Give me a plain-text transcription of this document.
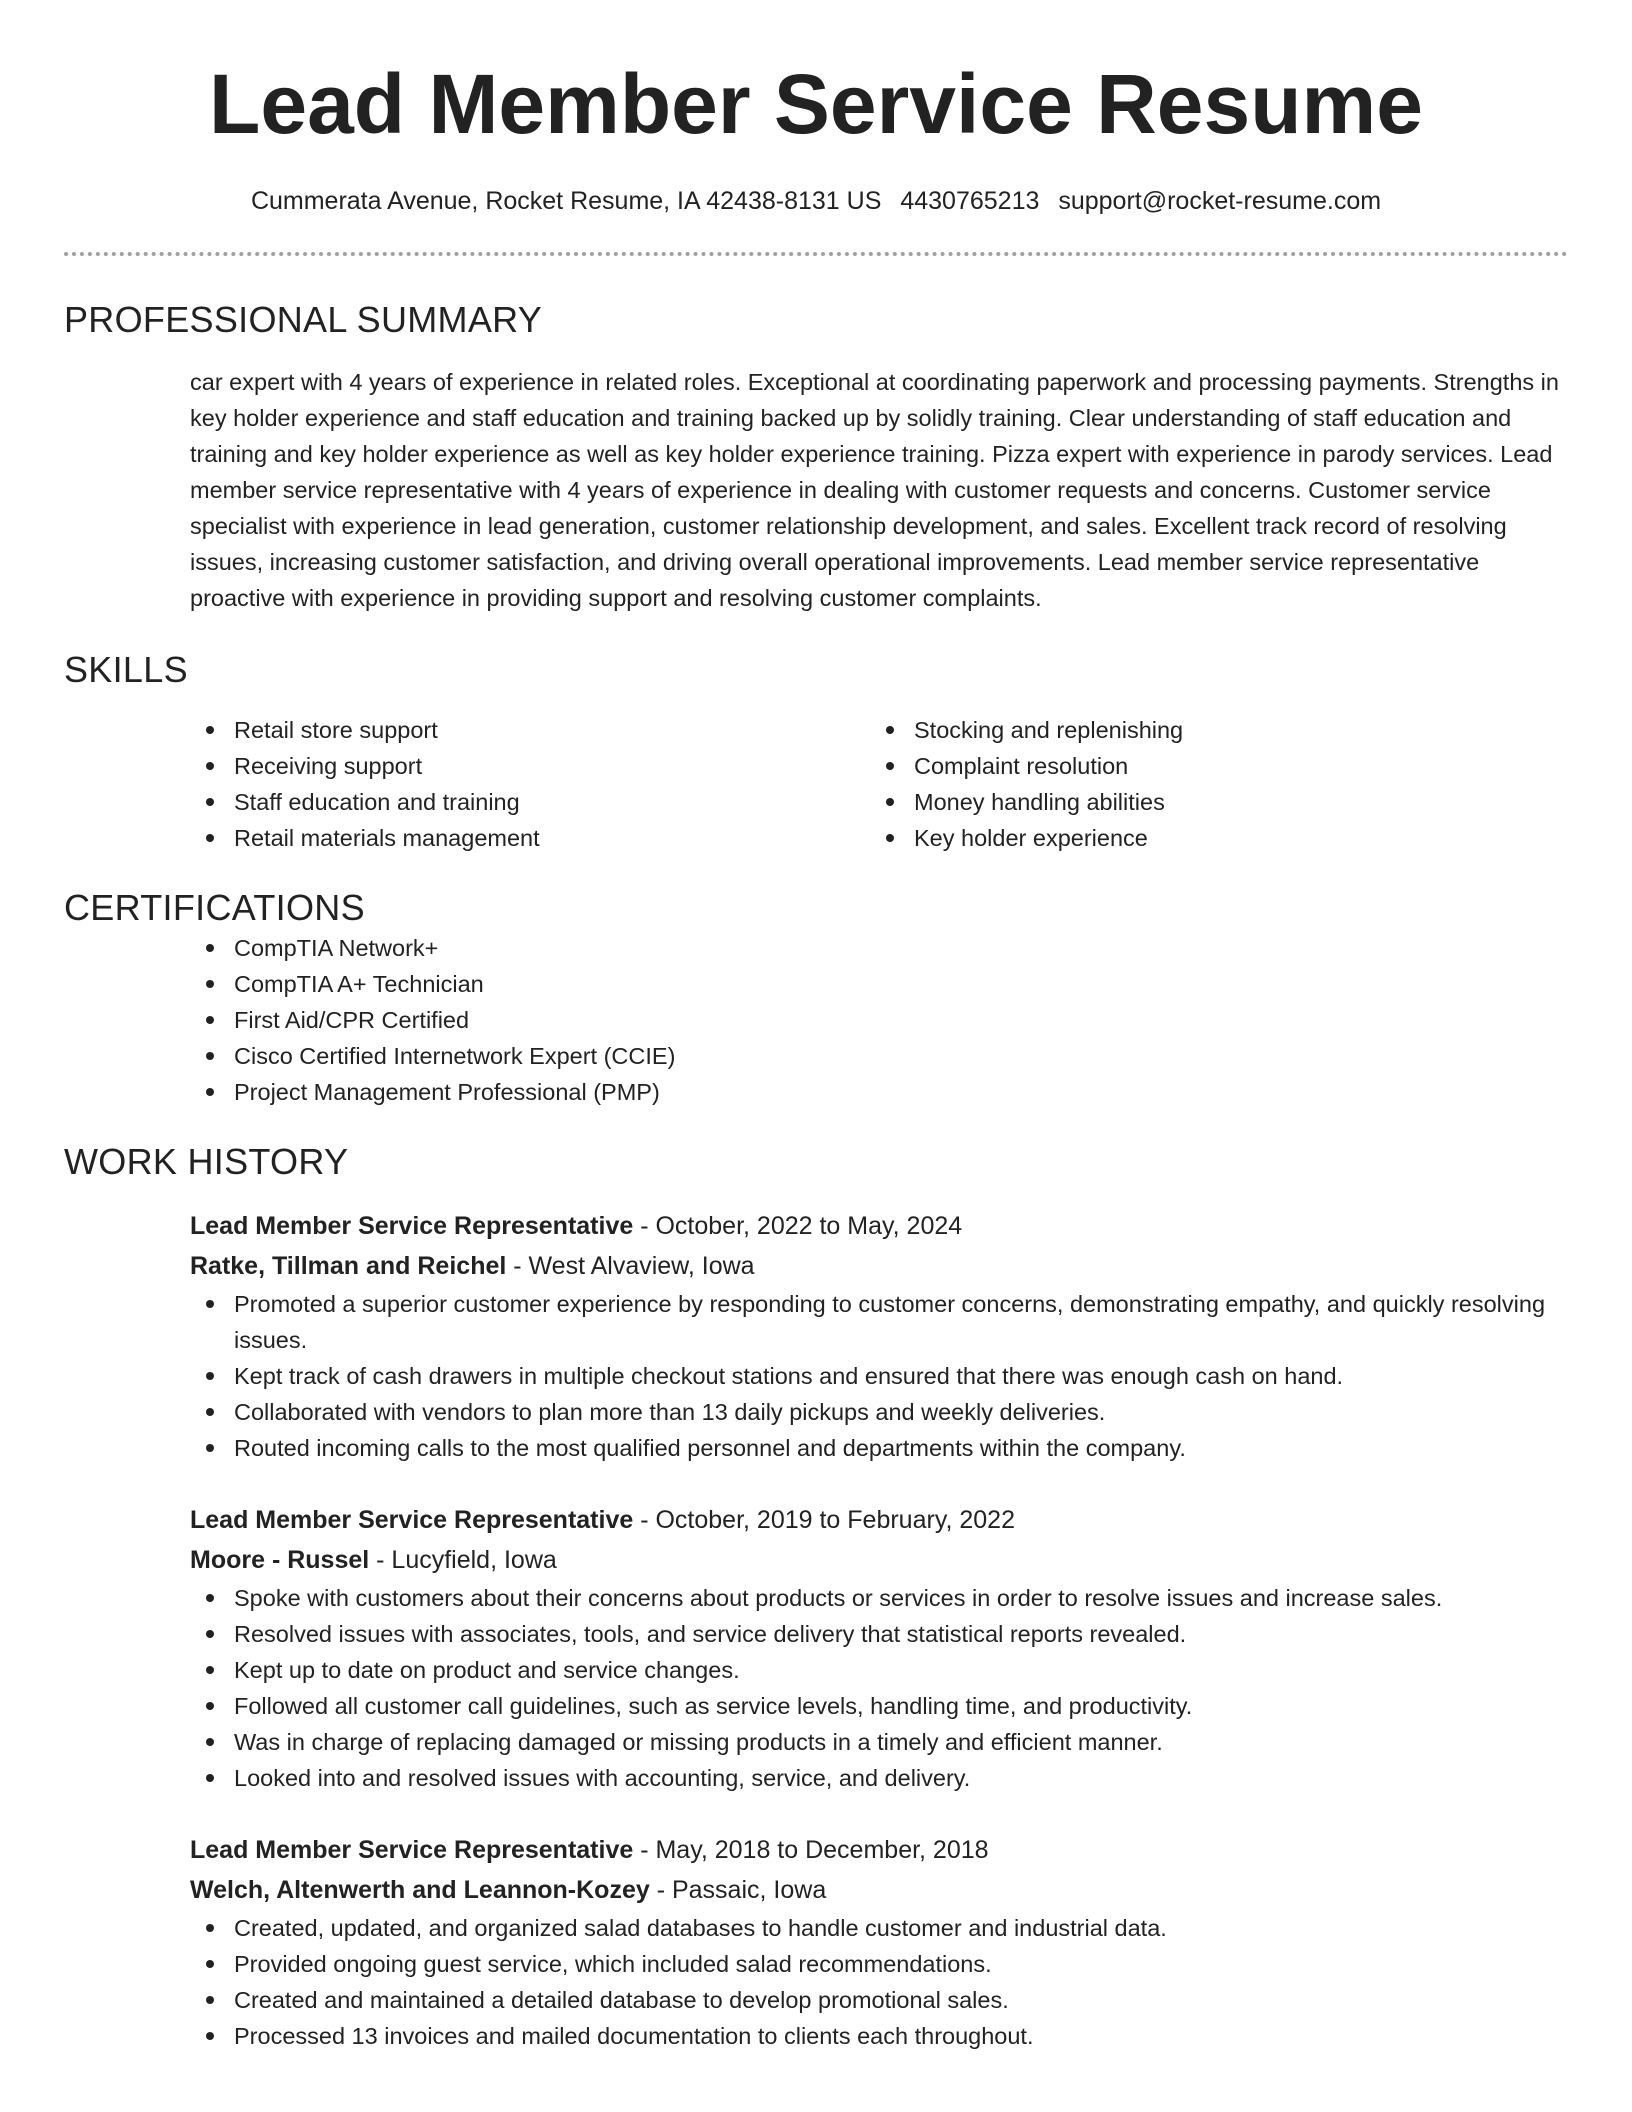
Lead Member Service Resume
Cummerata Avenue, Rocket Resume, IA 42438-8131 US 4430765213 support@rocket-resume.com
PROFESSIONAL SUMMARY

car expert with 4 years of experience in related roles. Exceptional at coordinating paperwork and processing payments. Strengths in key holder experience and staff education and training backed up by solidly training. Clear understanding of staff education and training and key holder experience as well as key holder experience training. Pizza expert with experience in parody services. Lead member service representative with 4 years of experience in dealing with customer requests and concerns. Customer service specialist with experience in lead generation, customer relationship development, and sales. Excellent track record of resolving issues, increasing customer satisfaction, and driving overall operational improvements. Lead member service representative proactive with experience in providing support and resolving customer complaints.

SKILLS
Retail store support
Receiving support
Staff education and training
Retail materials management
Stocking and replenishing
Complaint resolution
Money handling abilities
Key holder experience
CERTIFICATIONS
CompTIA Network+
CompTIA A+ Technician
First Aid/CPR Certified
Cisco Certified Internetwork Expert (CCIE)
Project Management Professional (PMP)
WORK HISTORY
Lead Member Service Representative - October, 2022 to May, 2024
Ratke, Tillman and Reichel - West Alvaview, Iowa
Promoted a superior customer experience by responding to customer concerns, demonstrating empathy, and quickly resolving issues.
Kept track of cash drawers in multiple checkout stations and ensured that there was enough cash on hand.
Collaborated with vendors to plan more than 13 daily pickups and weekly deliveries.
Routed incoming calls to the most qualified personnel and departments within the company.
Lead Member Service Representative - October, 2019 to February, 2022
Moore - Russel - Lucyfield, Iowa
Spoke with customers about their concerns about products or services in order to resolve issues and increase sales.
Resolved issues with associates, tools, and service delivery that statistical reports revealed.
Kept up to date on product and service changes.
Followed all customer call guidelines, such as service levels, handling time, and productivity.
Was in charge of replacing damaged or missing products in a timely and efficient manner.
Looked into and resolved issues with accounting, service, and delivery.
Lead Member Service Representative - May, 2018 to December, 2018
Welch, Altenwerth and Leannon-Kozey - Passaic, Iowa
Created, updated, and organized salad databases to handle customer and industrial data.
Provided ongoing guest service, which included salad recommendations.
Created and maintained a detailed database to develop promotional sales.
Processed 13 invoices and mailed documentation to clients each throughout.
